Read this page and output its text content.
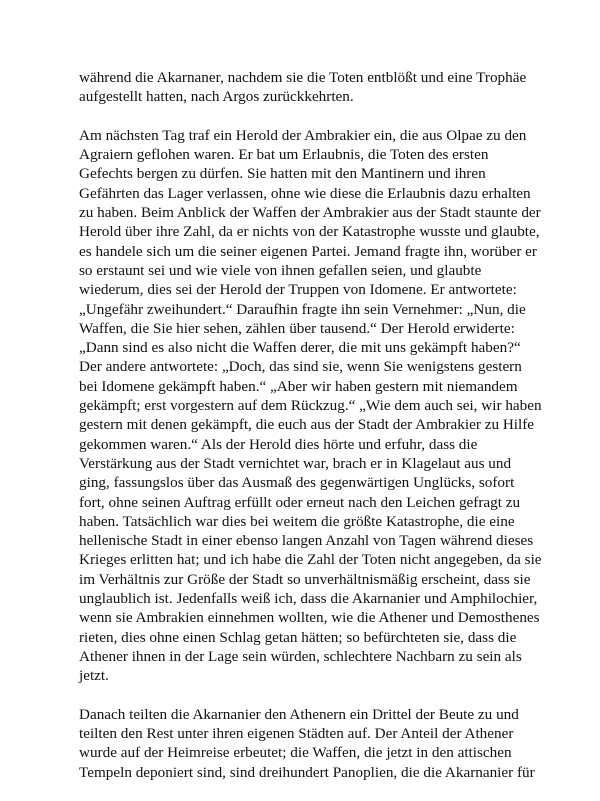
während die Akarnaner, nachdem sie die Toten entblößt und eine Trophäe
aufgestellt hatten, nach Argos zurückkehrten.

Am nächsten Tag traf ein Herold der Ambrakier ein, die aus Olpae zu den
Agraiern geflohen waren. Er bat um Erlaubnis, die Toten des ersten
Gefechts bergen zu dürfen. Sie hatten mit den Mantinern und ihren
Gefährten das Lager verlassen, ohne wie diese die Erlaubnis dazu erhalten
zu haben. Beim Anblick der Waffen der Ambrakier aus der Stadt staunte der
Herold über ihre Zahl, da er nichts von der Katastrophe wusste und glaubte,
es handele sich um die seiner eigenen Partei. Jemand fragte ihn, worüber er
so erstaunt sei und wie viele von ihnen gefallen seien, und glaubte
wiederum, dies sei der Herold der Truppen von Idomene. Er antwortete:
„Ungefähr zweihundert.“ Daraufhin fragte ihn sein Vernehmer: „Nun, die
Waffen, die Sie hier sehen, zählen über tausend.“ Der Herold erwiderte:
„Dann sind es also nicht die Waffen derer, die mit uns gekämpft haben?“
Der andere antwortete: „Doch, das sind sie, wenn Sie wenigstens gestern
bei Idomene gekämpft haben.“ „Aber wir haben gestern mit niemandem
gekämpft; erst vorgestern auf dem Rückzug.“ „Wie dem auch sei, wir haben
gestern mit denen gekämpft, die euch aus der Stadt der Ambrakier zu Hilfe
gekommen waren.“ Als der Herold dies hörte und erfuhr, dass die
Verstärkung aus der Stadt vernichtet war, brach er in Klagelaut aus und
ging, fassungslos über das Ausmaß des gegenwärtigen Unglücks, sofort
fort, ohne seinen Auftrag erfüllt oder erneut nach den Leichen gefragt zu
haben. Tatsächlich war dies bei weitem die größte Katastrophe, die eine
hellenische Stadt in einer ebenso langen Anzahl von Tagen während dieses
Krieges erlitten hat; und ich habe die Zahl der Toten nicht angegeben, da sie
im Verhältnis zur Größe der Stadt so unverhältnismäßig erscheint, dass sie
unglaublich ist. Jedenfalls weiß ich, dass die Akarnanier und Amphilochier,
wenn sie Ambrakien einnehmen wollten, wie die Athener und Demosthenes
rieten, dies ohne einen Schlag getan hätten; so befürchteten sie, dass die
Athener ihnen in der Lage sein würden, schlechtere Nachbarn zu sein als
jetzt.

Danach teilten die Akarnanier den Athenern ein Drittel der Beute zu und
teilten den Rest unter ihren eigenen Städten auf. Der Anteil der Athener
wurde auf der Heimreise erbeutet; die Waffen, die jetzt in den attischen
Tempeln deponiert sind, sind dreihundert Panoplien, die die Akarnanier für
